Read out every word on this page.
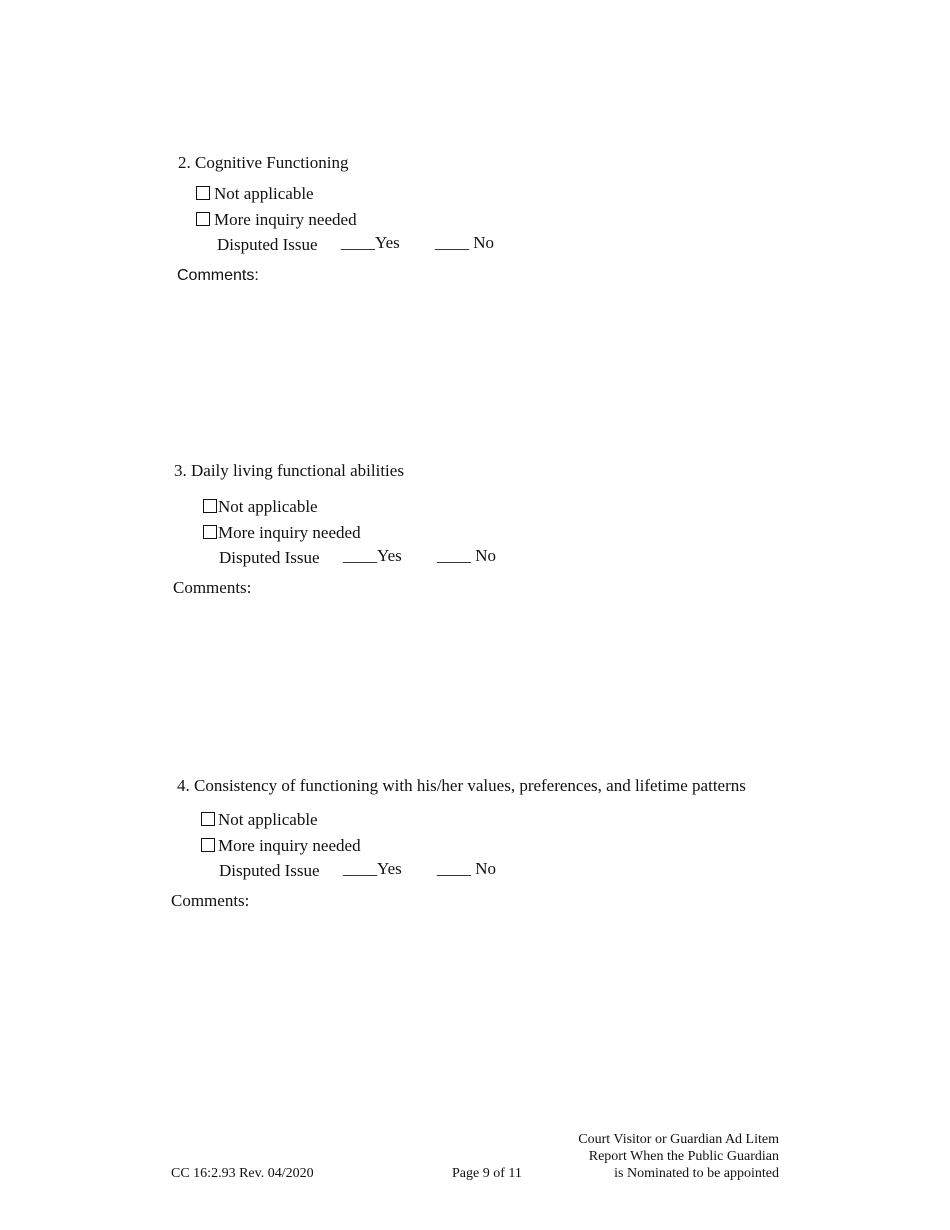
2. Cognitive Functioning
Not applicable
More inquiry needed
Disputed Issue ____Yes ____ No
Comments:
3. Daily living functional abilities
Not applicable
More inquiry needed
Disputed Issue ____Yes ____ No
Comments:
4. Consistency of functioning with his/her values, preferences, and lifetime patterns
Not applicable
More inquiry needed
Disputed Issue ____Yes ____ No
Comments:
CC 16:2.93 Rev. 04/2020	Page 9 of 11
Court Visitor or Guardian Ad Litem
Report When the Public Guardian
is Nominated to be appointed
